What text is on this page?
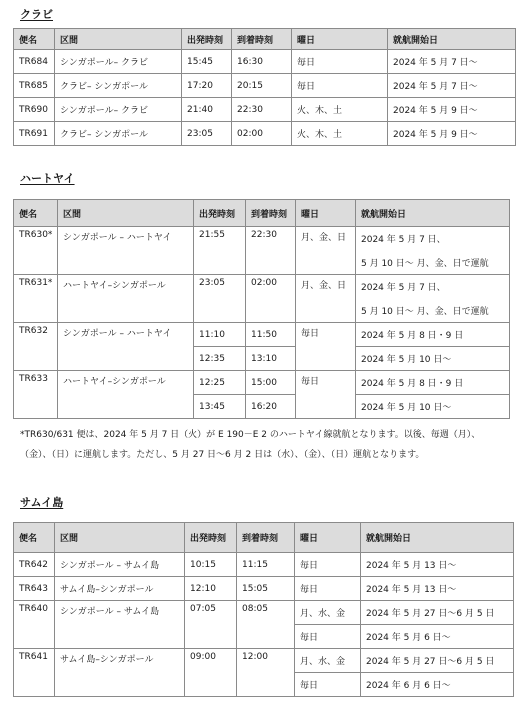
クラビ
便名	区間	出発時刻	到着時刻	曜日	就航開始日
TR684	シンガポール– クラビ	15:45	16:30	毎日	2024 年 5 月 7 日～
TR685	クラビ– シンガポール	17:20	20:15	毎日	2024 年 5 月 7 日～
TR690	シンガポール– クラビ	21:40	22:30	火、木、土	2024 年 5 月 9 日～
TR691	クラビ– シンガポール	23:05	02:00	火、木、土	2024 年 5 月 9 日～
ハートヤイ
便名	区間	出発時刻	到着時刻	曜日	就航開始日
TR630*	シンガポール – ハートヤイ	21:55	22:30	月、金、日	2024 年 5 月 7 日、
					5 月 10 日～ 月、金、日で運航
TR631*	ハートヤイ–シンガポール	23:05	02:00	月、金、日	2024 年 5 月 7 日、
					5 月 10 日～ 月、金、日で運航
TR632	シンガポール – ハートヤイ	11:10	11:50	毎日	2024 年 5 月 8 日・9 日
		12:35	13:10		2024 年 5 月 10 日～
TR633	ハートヤイ–シンガポール	12:25	15:00	毎日	2024 年 5 月 8 日・9 日
		13:45	16:20		2024 年 5 月 10 日～

*TR630/631 便は、2024 年 5 月 7 日（火）が E 190－E 2 のハートヤイ線就航となります。以後、毎週（月）、

（金）、（日）に運航します。ただし、5 月 27 日～6 月 2 日は（水）、（金）、（日）運航となります。

サムイ島
便名	区間	出発時刻	到着時刻	曜日	就航開始日
TR642	シンガポール – サムイ島	10:15	11:15	毎日	2024 年 5 月 13 日～
TR643	サムイ島–シンガポール	12:10	15:05	毎日	2024 年 5 月 13 日～
TR640	シンガポール – サムイ島	07:05	08:05	月、水、金	2024 年 5 月 27 日～6 月 5 日
				毎日	2024 年 5 月 6 日～
TR641	サムイ島–シンガポール	09:00	12:00	月、水、金	2024 年 5 月 27 日～6 月 5 日
				毎日	2024 年 6 月 6 日～
